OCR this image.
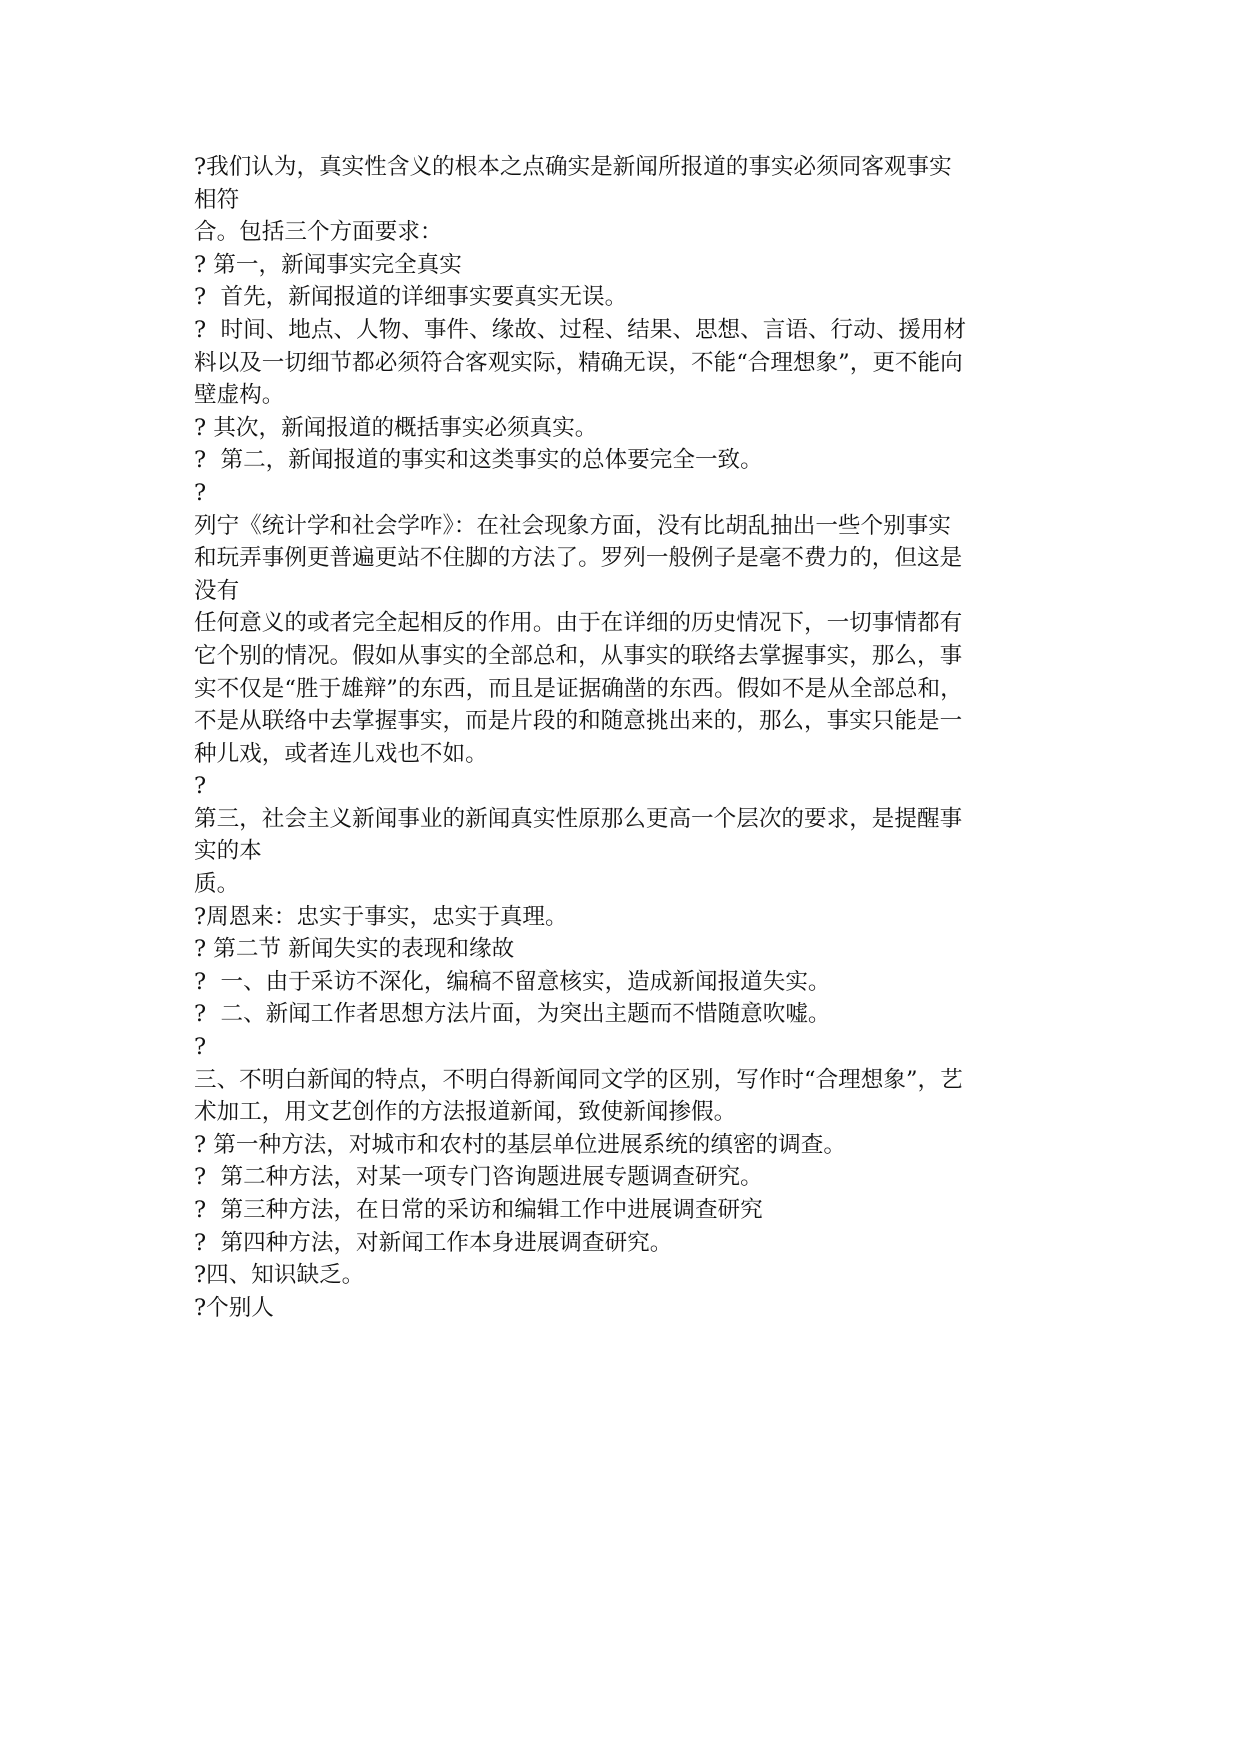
?我们认为，真实性含义的根本之点确实是新闻所报道的事实必须同客观事实
相符
合。包括三个方面要求：
? 第一，新闻事实完全真实
?  首先，新闻报道的详细事实要真实无误。
?  时间、地点、人物、事件、缘故、过程、结果、思想、言语、行动、援用材
料以及一切细节都必须符合客观实际，精确无误，不能“合理想象”，更不能向
壁虚构。
? 其次，新闻报道的概括事实必须真实。
?  第二，新闻报道的事实和这类事实的总体要完全一致。
?
列宁《统计学和社会学咋》：在社会现象方面，没有比胡乱抽出一些个别事实
和玩弄事例更普遍更站不住脚的方法了。罗列一般例子是毫不费力的，但这是
没有
任何意义的或者完全起相反的作用。由于在详细的历史情况下，一切事情都有
它个别的情况。假如从事实的全部总和，从事实的联络去掌握事实，那么，事
实不仅是“胜于雄辩”的东西，而且是证据确凿的东西。假如不是从全部总和，
不是从联络中去掌握事实，而是片段的和随意挑出来的，那么，事实只能是一
种儿戏，或者连儿戏也不如。
?
第三，社会主义新闻事业的新闻真实性原那么更高一个层次的要求，是提醒事
实的本
质。
?周恩来：忠实于事实，忠实于真理。
? 第二节 新闻失实的表现和缘故
?  一、由于采访不深化，编稿不留意核实，造成新闻报道失实。
?  二、新闻工作者思想方法片面，为突出主题而不惜随意吹嘘。
?
三、不明白新闻的特点，不明白得新闻同文学的区别，写作时“合理想象”，艺
术加工，用文艺创作的方法报道新闻，致使新闻掺假。
? 第一种方法，对城市和农村的基层单位进展系统的缜密的调查。
?  第二种方法，对某一项专门咨询题进展专题调查研究。
?  第三种方法，在日常的采访和编辑工作中进展调查研究
?  第四种方法，对新闻工作本身进展调查研究。
?四、知识缺乏。
?个别人
